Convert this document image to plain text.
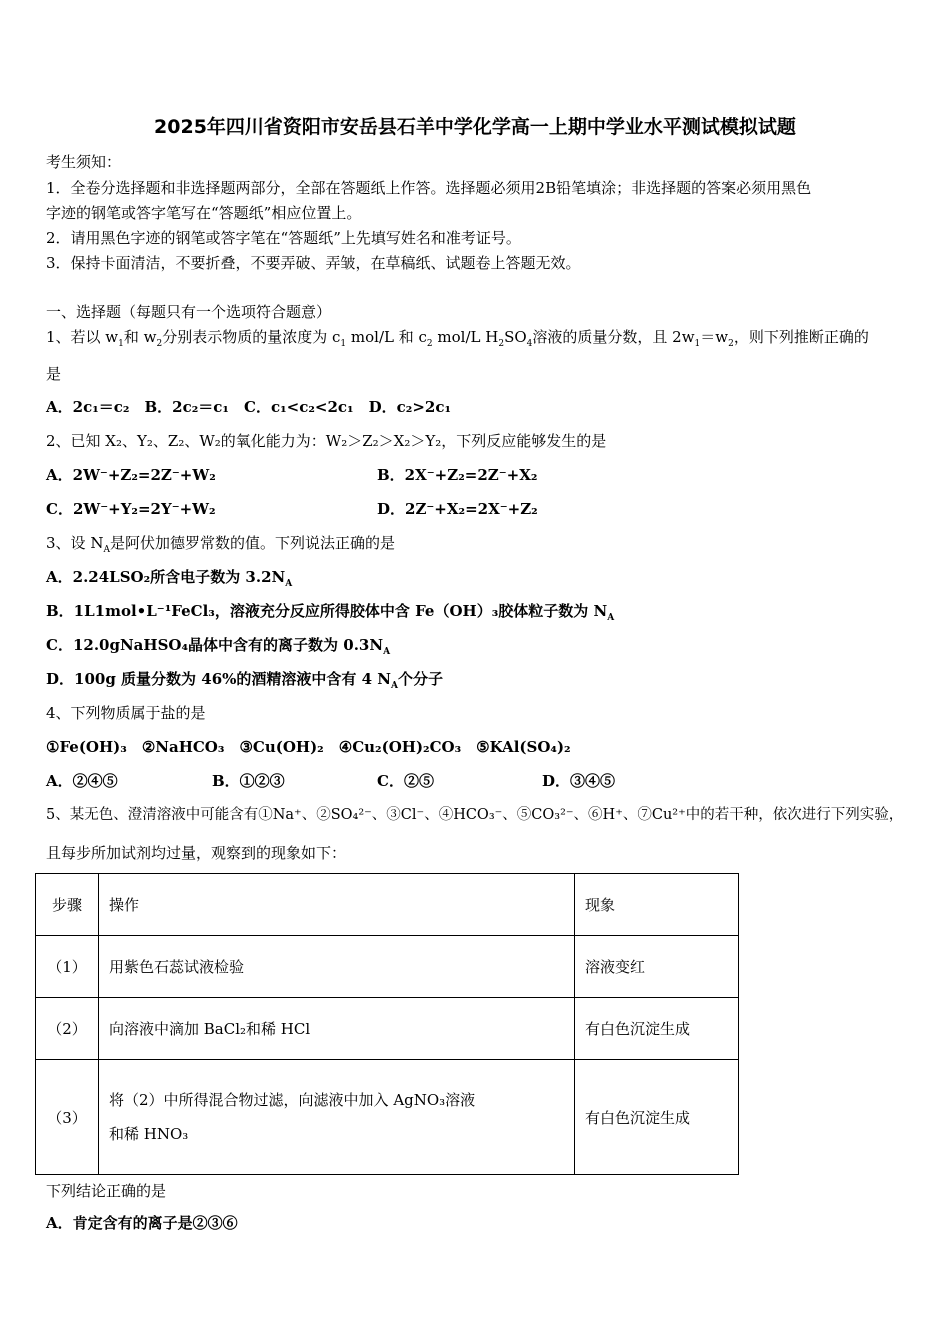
2025年四川省资阳市安岳县石羊中学化学高一上期中学业水平测试模拟试题
考生须知：
1．全卷分选择题和非选择题两部分，全部在答题纸上作答。选择题必须用2B铅笔填涂；非选择题的答案必须用黑色
字迹的钢笔或答字笔写在“答题纸”相应位置上。
2．请用黑色字迹的钢笔或答字笔在“答题纸”上先填写姓名和准考证号。
3．保持卡面清洁，不要折叠，不要弄破、弄皱，在草稿纸、试题卷上答题无效。
一、选择题（每题只有一个选项符合题意）
1、若以 $w_1$和 $w_2$分别表示物质的量浓度为 $c_1$ mol/L 和 $c_2$ mol/L $H_2SO_4$溶液的质量分数，且 $2w_1=w_2$，则下列推断正确的
是
A．2c₁＝c₂　B．2c₂＝c₁　C．c₁<c₂<2c₁　D．c₂>2c₁
2、已知 X₂、Y₂、Z₂、W₂的氧化能力为：W₂＞Z₂＞X₂＞Y₂，下列反应能够发生的是
A．2W⁻+Z₂=2Z⁻+W₂	B．2X⁻+Z₂=2Z⁻+X₂
C．2W⁻+Y₂=2Y⁻+W₂	D．2Z⁻+X₂=2X⁻+Z₂
3、设 $N_A$是阿伏加德罗常数的值。下列说法正确的是
A．2.24LSO₂所含电子数为 $3.2N_A$
B．1L1mol•L⁻¹FeCl₃，溶液充分反应所得胶体中含 Fe（OH）₃胶体粒子数为 $N_A$
C．12.0gNaHSO₄晶体中含有的离子数为 $0.3N_A$
D．100g 质量分数为 46%的酒精溶液中含有 4 $N_A$个分子
4、下列物质属于盐的是
①Fe(OH)₃　②NaHCO₃　③Cu(OH)₂　④Cu₂(OH)₂CO₃　⑤KAl(SO₄)₂
A．②④⑤	B．①②③	C．②⑤	D．③④⑤
5、某无色、澄清溶液中可能含有①Na⁺、②SO₄²⁻、③Cl⁻、④HCO₃⁻、⑤CO₃²⁻、⑥H⁺、⑦Cu²⁺中的若干种，依次进行下列实验，
且每步所加试剂均过量，观察到的现象如下：
步骤	操作	现象
（1）	用紫色石蕊试液检验	溶液变红
（2）	向溶液中滴加 BaCl₂和稀 HCl	有白色沉淀生成
（3）	将（2）中所得混合物过滤，向滤液中加入 AgNO₃溶液
和稀 HNO₃	有白色沉淀生成
下列结论正确的是
A．肯定含有的离子是②③⑥
